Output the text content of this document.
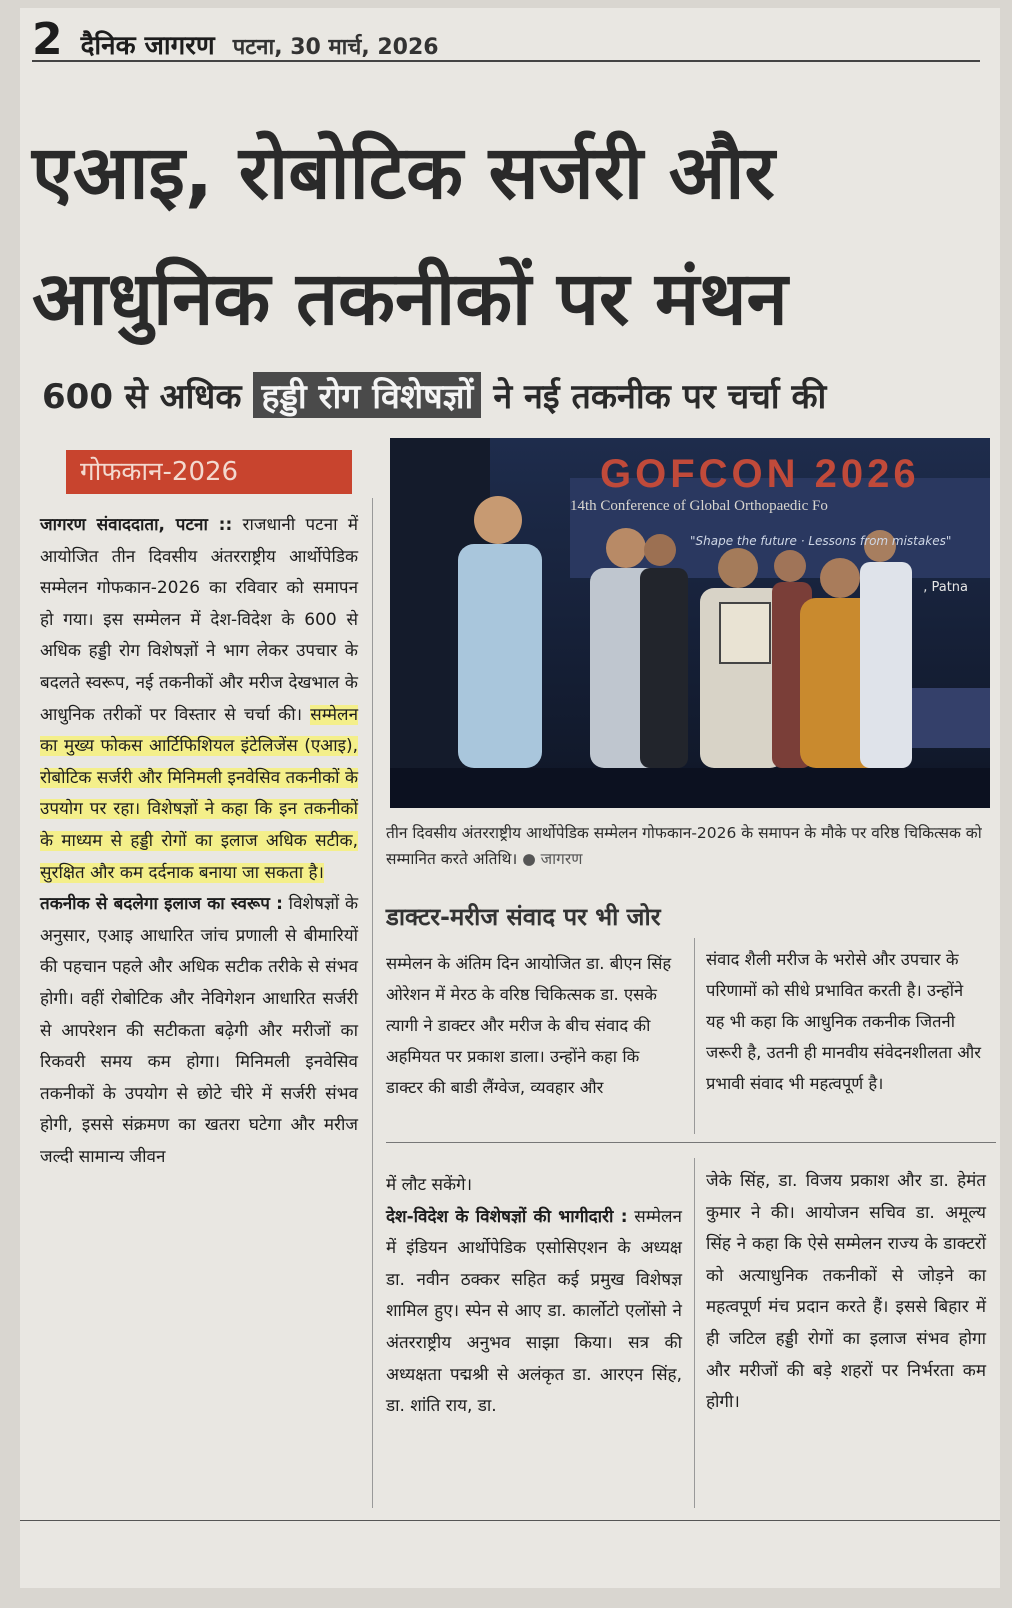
2 दैनिक जागरण पटना, 30 मार्च, 2026
एआइ, रोबोटिक सर्जरी और आधुनिक तकनीकों पर मंथन
600 से अधिक हड्डी रोग विशेषज्ञों ने नई तकनीक पर चर्चा की
गोफकान-2026

जागरण संवाददाता, पटना :: राजधानी पटना में आयोजित तीन दिवसीय अंतरराष्ट्रीय आर्थोपेडिक सम्मेलन गोफकान-2026 का रविवार को समापन हो गया। इस सम्मेलन में देश-विदेश के 600 से अधिक हड्डी रोग विशेषज्ञों ने भाग लेकर उपचार के बदलते स्वरूप, नई तकनीकों और मरीज देखभाल के आधुनिक तरीकों पर विस्तार से चर्चा की। सम्मेलन का मुख्य फोकस आर्टिफिशियल इंटेलिजेंस (एआइ), रोबोटिक सर्जरी और मिनिमली इनवेसिव तकनीकों के उपयोग पर रहा। विशेषज्ञों ने कहा कि इन तकनीकों के माध्यम से हड्डी रोगों का इलाज अधिक सटीक, सुरक्षित और कम दर्दनाक बनाया जा सकता है।

तकनीक से बदलेगा इलाज का स्वरूप : विशेषज्ञों के अनुसार, एआइ आधारित जांच प्रणाली से बीमारियों की पहचान पहले और अधिक सटीक तरीके से संभव होगी। वहीं रोबोटिक और नेविगेशन आधारित सर्जरी से आपरेशन की सटीकता बढ़ेगी और मरीजों का रिकवरी समय कम होगा। मिनिमली इनवेसिव तकनीकों के उपयोग से छोटे चीरे में सर्जरी संभव होगी, इससे संक्रमण का खतरा घटेगा और मरीज जल्दी सामान्य जीवन

GOFCON 2026
14th Conference of Global Orthopaedic Fo
"Shape the future · Lessons from mistakes"
, Patna
तीन दिवसीय अंतरराष्ट्रीय आर्थोपेडिक सम्मेलन गोफकान-2026 के समापन के मौके पर वरिष्ठ चिकित्सक को सम्मानित करते अतिथि। ● जागरण
डाक्टर-मरीज संवाद पर भी जोर

सम्मेलन के अंतिम दिन आयोजित डा. बीएन सिंह ओरेशन में मेरठ के वरिष्ठ चिकित्सक डा. एसके त्यागी ने डाक्टर और मरीज के बीच संवाद की अहमियत पर प्रकाश डाला। उन्होंने कहा कि डाक्टर की बाडी लैंग्वेज, व्यवहार और

संवाद शैली मरीज के भरोसे और उपचार के परिणामों को सीधे प्रभावित करती है। उन्होंने यह भी कहा कि आधुनिक तकनीक जितनी जरूरी है, उतनी ही मानवीय संवेदनशीलता और प्रभावी संवाद भी महत्वपूर्ण है।

में लौट सकेंगे।

देश-विदेश के विशेषज्ञों की भागीदारी : सम्मेलन में इंडियन आर्थोपेडिक एसोसिएशन के अध्यक्ष डा. नवीन ठक्कर सहित कई प्रमुख विशेषज्ञ शामिल हुए। स्पेन से आए डा. कार्लोटो एलोंसो ने अंतरराष्ट्रीय अनुभव साझा किया। सत्र की अध्यक्षता पद्मश्री से अलंकृत डा. आरएन सिंह, डा. शांति राय, डा.

जेके सिंह, डा. विजय प्रकाश और डा. हेमंत कुमार ने की। आयोजन सचिव डा. अमूल्य सिंह ने कहा कि ऐसे सम्मेलन राज्य के डाक्टरों को अत्याधुनिक तकनीकों से जोड़ने का महत्वपूर्ण मंच प्रदान करते हैं। इससे बिहार में ही जटिल हड्डी रोगों का इलाज संभव होगा और मरीजों की बड़े शहरों पर निर्भरता कम होगी।
